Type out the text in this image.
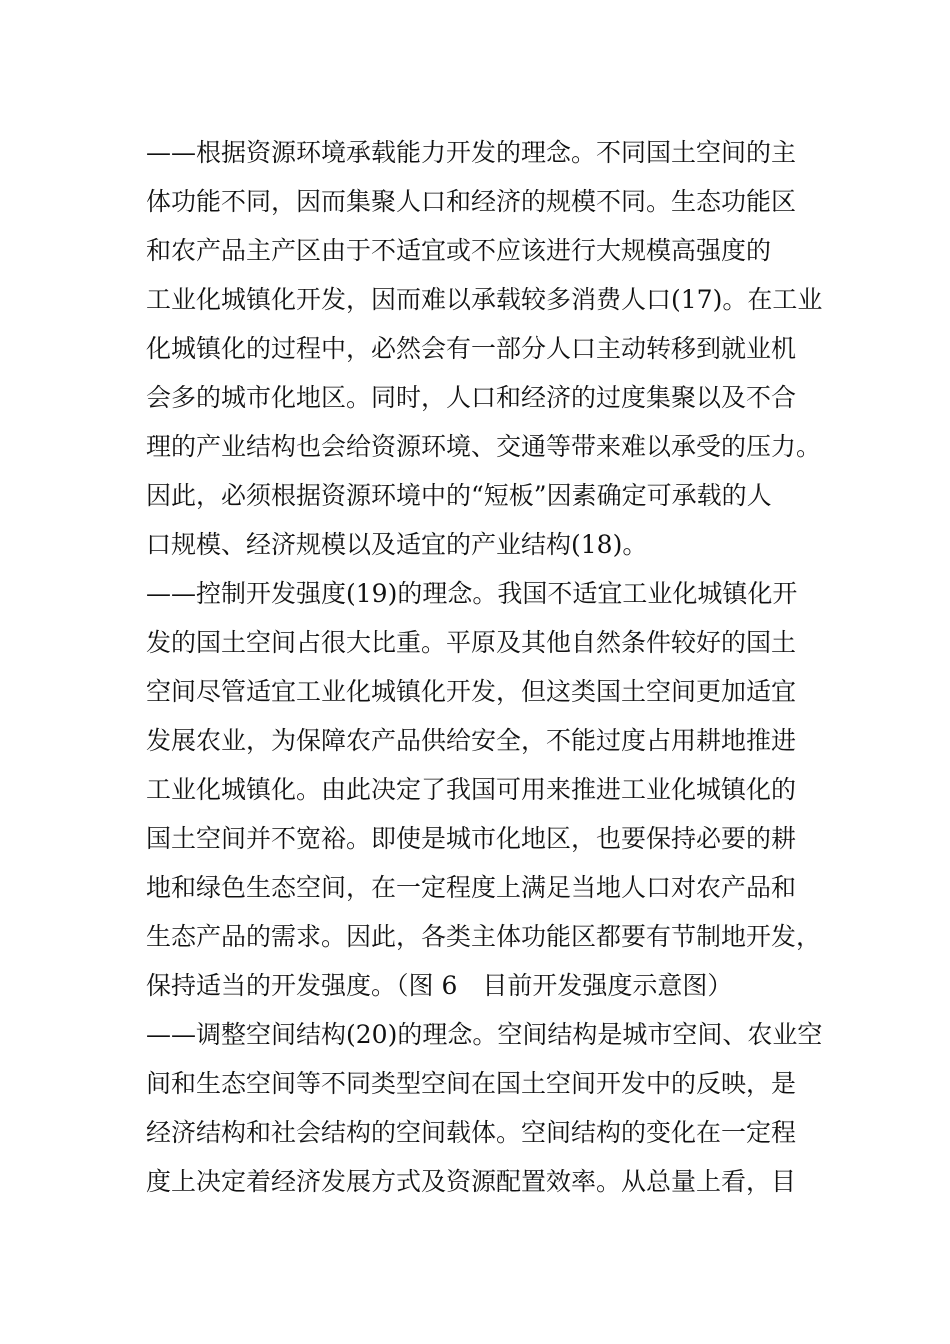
——根据资源环境承载能力开发的理念。不同国土空间的主
体功能不同，因而集聚人口和经济的规模不同。生态功能区
和农产品主产区由于不适宜或不应该进行大规模高强度的
工业化城镇化开发，因而难以承载较多消费人口(17)。在工业
化城镇化的过程中，必然会有一部分人口主动转移到就业机
会多的城市化地区。同时，人口和经济的过度集聚以及不合
理的产业结构也会给资源环境、交通等带来难以承受的压力。
因此，必须根据资源环境中的“短板”因素确定可承载的人
口规模、经济规模以及适宜的产业结构(18)。
——控制开发强度(19)的理念。我国不适宜工业化城镇化开
发的国土空间占很大比重。平原及其他自然条件较好的国土
空间尽管适宜工业化城镇化开发，但这类国土空间更加适宜
发展农业，为保障农产品供给安全，不能过度占用耕地推进
工业化城镇化。由此决定了我国可用来推进工业化城镇化的
国土空间并不宽裕。即使是城市化地区，也要保持必要的耕
地和绿色生态空间，在一定程度上满足当地人口对农产品和
生态产品的需求。因此，各类主体功能区都要有节制地开发，
保持适当的开发强度。（图 6　目前开发强度示意图）
——调整空间结构(20)的理念。空间结构是城市空间、农业空
间和生态空间等不同类型空间在国土空间开发中的反映，是
经济结构和社会结构的空间载体。空间结构的变化在一定程
度上决定着经济发展方式及资源配置效率。从总量上看，目
